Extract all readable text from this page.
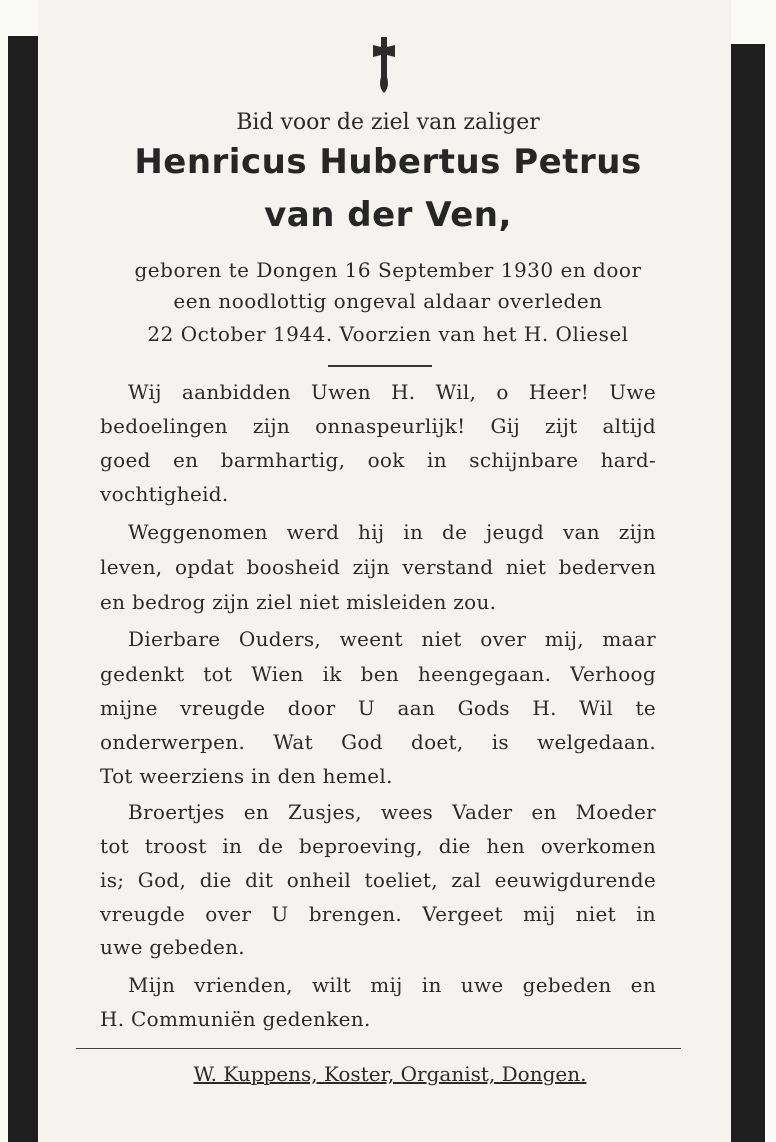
Bid voor de ziel van zaliger

Henricus Hubertus Petrus

van der Ven,

geboren te Dongen 16 September 1930 en door

een noodlottig ongeval aldaar overleden

22 October 1944. Voorzien van het H. Oliesel

Wij aanbidden Uwen H. Wil, o Heer! Uwe

bedoelingen zijn onnaspeurlijk! Gij zijt altijd

goed en barmhartig, ook in schijnbare hard-

vochtigheid.

Weggenomen werd hij in de jeugd van zijn

leven, opdat boosheid zijn verstand niet bederven

en bedrog zijn ziel niet misleiden zou.

Dierbare Ouders, weent niet over mij, maar

gedenkt tot Wien ik ben heengegaan. Verhoog

mijne vreugde door U aan Gods H. Wil te

onderwerpen. Wat God doet, is welgedaan.

Tot weerziens in den hemel.

Broertjes en Zusjes, wees Vader en Moeder

tot troost in de beproeving, die hen overkomen

is; God, die dit onheil toeliet, zal eeuwigdurende

vreugde over U brengen. Vergeet mij niet in

uwe gebeden.

Mijn vrienden, wilt mij in uwe gebeden en

H. Communiën gedenken.

W. Kuppens, Koster, Organist, Dongen.
